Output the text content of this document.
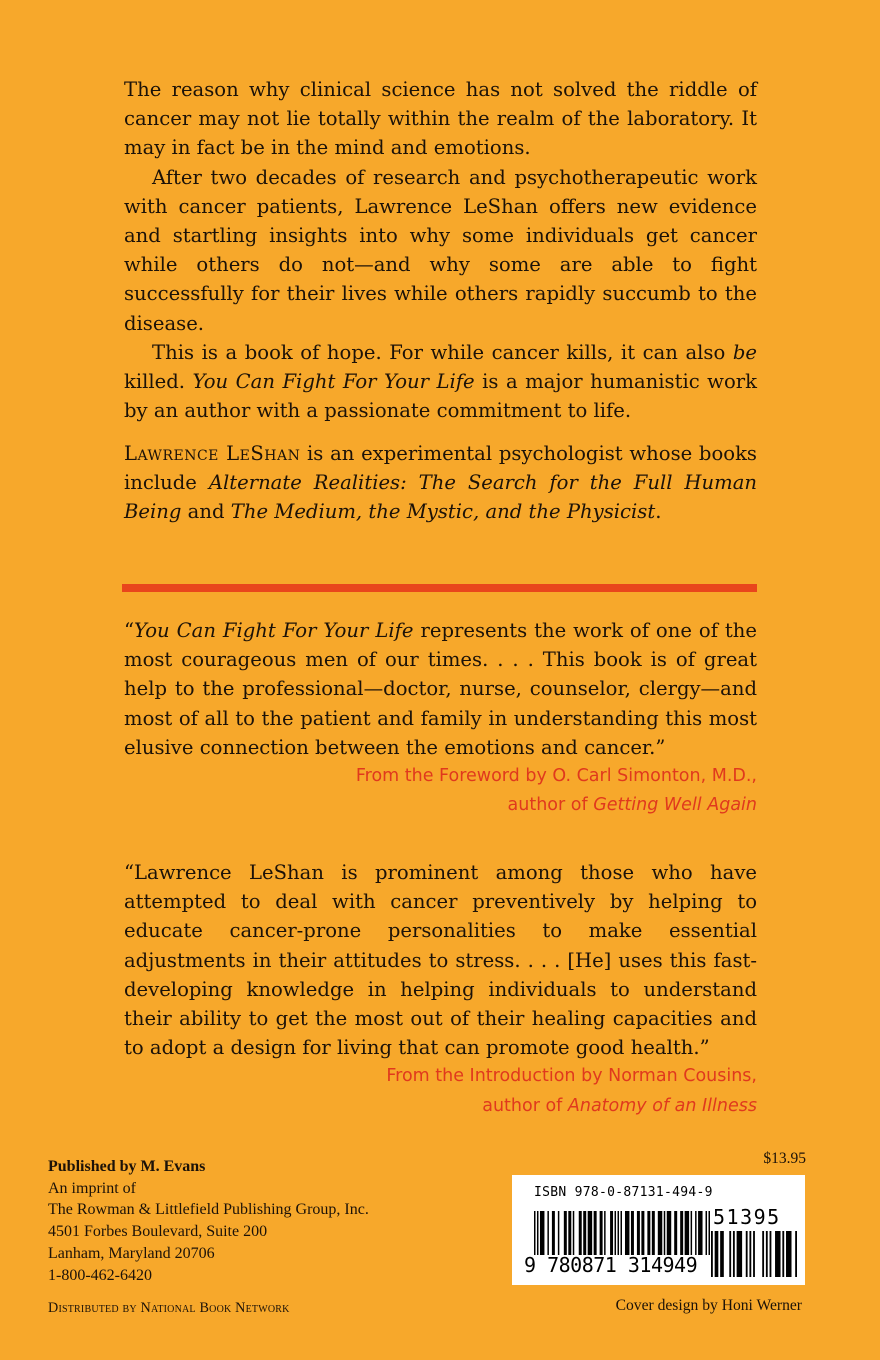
The reason why clinical science has not solved the riddle of cancer may not lie totally within the realm of the laboratory. It may in fact be in the mind and emotions.

After two decades of research and psychotherapeutic work with cancer patients, Lawrence LeShan offers new evidence and startling insights into why some individuals get cancer while others do not—and why some are able to fight successfully for their lives while others rapidly succumb to the disease.

This is a book of hope. For while cancer kills, it can also be killed. You Can Fight For Your Life is a major humanistic work by an author with a passionate commitment to life.

Lawrence LeShan is an experimental psychologist whose books include Alternate Realities: The Search for the Full Human Being and The Medium, the Mystic, and the Physicist.

“You Can Fight For Your Life represents the work of one of the most courageous men of our times. . . . This book is of great help to the professional—doctor, nurse, counselor, clergy—and most of all to the patient and family in understanding this most elusive connection between the emotions and cancer.”

From the Foreword by O. Carl Simonton, M.D.,
author of Getting Well Again

“Lawrence LeShan is prominent among those who have attempted to deal with cancer preventively by helping to educate cancer-prone personalities to make essential adjustments in their attitudes to stress. . . . [He] uses this fast-developing knowledge in helping individuals to understand their ability to get the most out of their healing capacities and to adopt a design for living that can promote good health.”

From the Introduction by Norman Cousins,
author of Anatomy of an Illness
Published by M. Evans
An imprint of
The Rowman & Littlefield Publishing Group, Inc.
4501 Forbes Boulevard, Suite 200
Lanham, Maryland 20706
1-800-462-6420
Distributed by National Book Network
$13.95
ISBN 978-0-87131-494-9
9 780871 314949
51395
Cover design by Honi Werner
